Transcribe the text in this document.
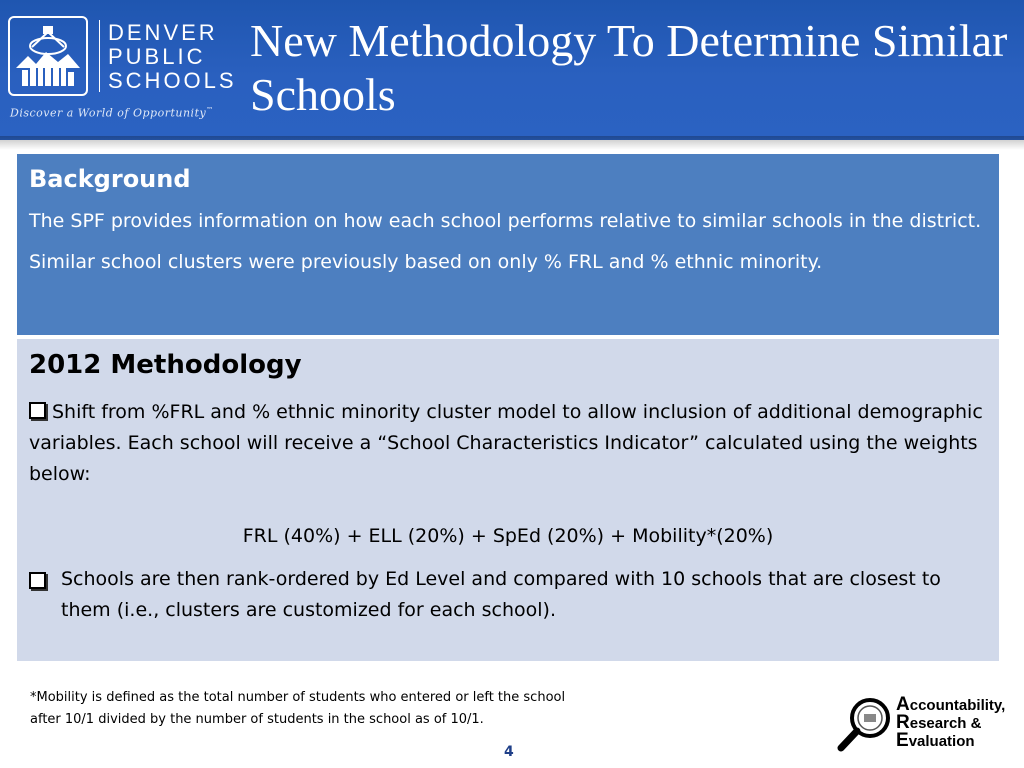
DENVER
PUBLIC
SCHOOLS
Discover a World of Opportunity™
New Methodology To Determine Similar Schools
Background

The SPF provides information on how each school performs relative to similar schools in the district.

Similar school clusters were previously based on only % FRL and % ethnic minority.

2012 Methodology

Shift from %FRL and % ethnic minority cluster model to allow inclusion of additional demographic variables. Each school will receive a “School Characteristics Indicator” calculated using the weights below:

FRL (40%) + ELL (20%) + SpEd (20%) + Mobility*(20%)

Schools are then rank-ordered by Ed Level and compared with 10 schools that are closest to them (i.e., clusters are customized for each school).

*Mobility is defined as the total number of students who entered or left the school
after 10/1 divided by the number of students in the school as of 10/1.
4
Accountability,
Research &
Evaluation
